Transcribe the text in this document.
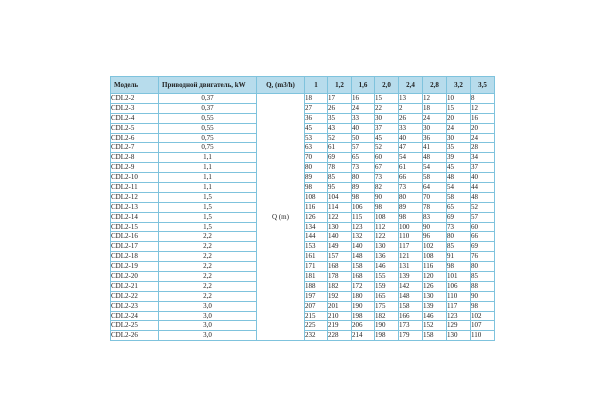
Модель	Приводной двигатель, kW	Q, (m3/h)	1	1,2	1,6	2,0	2,4	2,8	3,2	3,5
CDL2-2	0,37	Q (m)	18	17	16	15	13	12	10	8
CDL2-3	0,37		27	26	24	22	2	18	15	12
CDL2-4	0,55		36	35	33	30	26	24	20	16
CDL2-5	0,55		45	43	40	37	33	30	24	20
CDL2-6	0,75		53	52	50	45	40	36	30	24
CDL2-7	0,75		63	61	57	52	47	41	35	28
CDL2-8	1,1		70	69	65	60	54	48	39	34
CDL2-9	1,1		80	78	73	67	61	54	45	37
CDL2-10	1,1		89	85	80	73	66	58	48	40
CDL2-11	1,1		98	95	89	82	73	64	54	44
CDL2-12	1,5		108	104	98	90	80	70	58	48
CDL2-13	1,5		116	114	106	98	89	78	65	52
CDL2-14	1,5		126	122	115	108	98	83	69	57
CDL2-15	1,5		134	130	123	112	100	90	73	60
CDL2-16	2,2		144	140	132	122	110	96	80	66
CDL2-17	2,2		153	149	140	130	117	102	85	69
CDL2-18	2,2		161	157	148	136	121	108	91	76
CDL2-19	2,2		171	168	158	146	131	116	98	80
CDL2-20	2,2		181	178	168	155	139	120	101	85
CDL2-21	2,2		188	182	172	159	142	126	106	88
CDL2-22	2,2		197	192	180	165	148	130	110	90
CDL2-23	3,0		207	201	190	175	158	139	117	98
CDL2-24	3,0		215	210	198	182	166	146	123	102
CDL2-25	3,0		225	219	206	190	173	152	129	107
CDL2-26	3,0		232	228	214	198	179	158	130	110
